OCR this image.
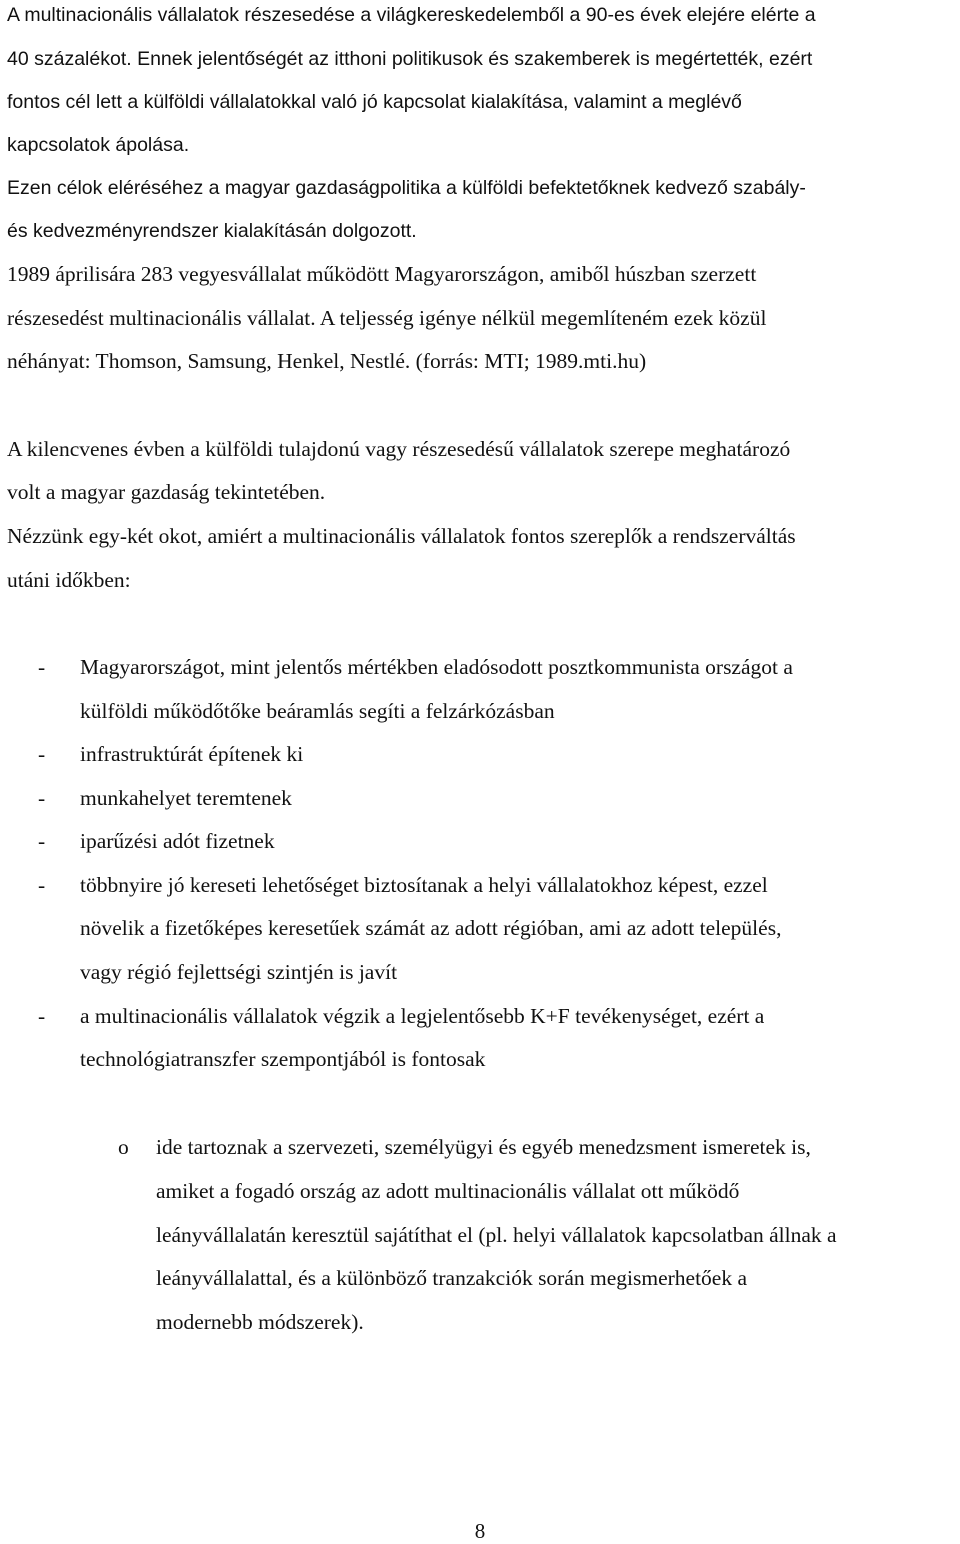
A multinacionális vállalatok részesedése a világkereskedelemből a 90-es évek elejére elérte a
40 százalékot. Ennek jelentőségét az itthoni politikusok és szakemberek is megértették, ezért
fontos cél lett a külföldi vállalatokkal való jó kapcsolat kialakítása, valamint a meglévő
kapcsolatok ápolása.
Ezen célok eléréséhez a magyar gazdaságpolitika a külföldi befektetőknek kedvező szabály-
és kedvezményrendszer kialakításán dolgozott.
1989 áprilisára 283 vegyesvállalat működött Magyarországon, amiből húszban szerzett
részesedést multinacionális vállalat. A teljesség igénye nélkül megemlíteném ezek közül
néhányat: Thomson, Samsung, Henkel, Nestlé. (forrás: MTI; 1989.mti.hu)
A kilencvenes évben a külföldi tulajdonú vagy részesedésű vállalatok szerepe meghatározó
volt a magyar gazdaság tekintetében.
Nézzünk egy-két okot, amiért a multinacionális vállalatok fontos szereplők a rendszerváltás
utáni időkben:
- Magyarországot, mint jelentős mértékben eladósodott posztkommunista országot a
külföldi működőtőke beáramlás segíti a felzárkózásban
- infrastruktúrát építenek ki
- munkahelyet teremtenek
- iparűzési adót fizetnek
- többnyire jó kereseti lehetőséget biztosítanak a helyi vállalatokhoz képest, ezzel
növelik a fizetőképes keresetűek számát az adott régióban, ami az adott település,
vagy régió fejlettségi szintjén is javít
- a multinacionális vállalatok végzik a legjelentősebb K+F tevékenységet, ezért a
technológiatranszfer szempontjából is fontosak
o ide tartoznak a szervezeti, személyügyi és egyéb menedzsment ismeretek is,
amiket a fogadó ország az adott multinacionális vállalat ott működő
leányvállalatán keresztül sajátíthat el (pl. helyi vállalatok kapcsolatban állnak a
leányvállalattal, és a különböző tranzakciók során megismerhetőek a
modernebb módszerek).
8
